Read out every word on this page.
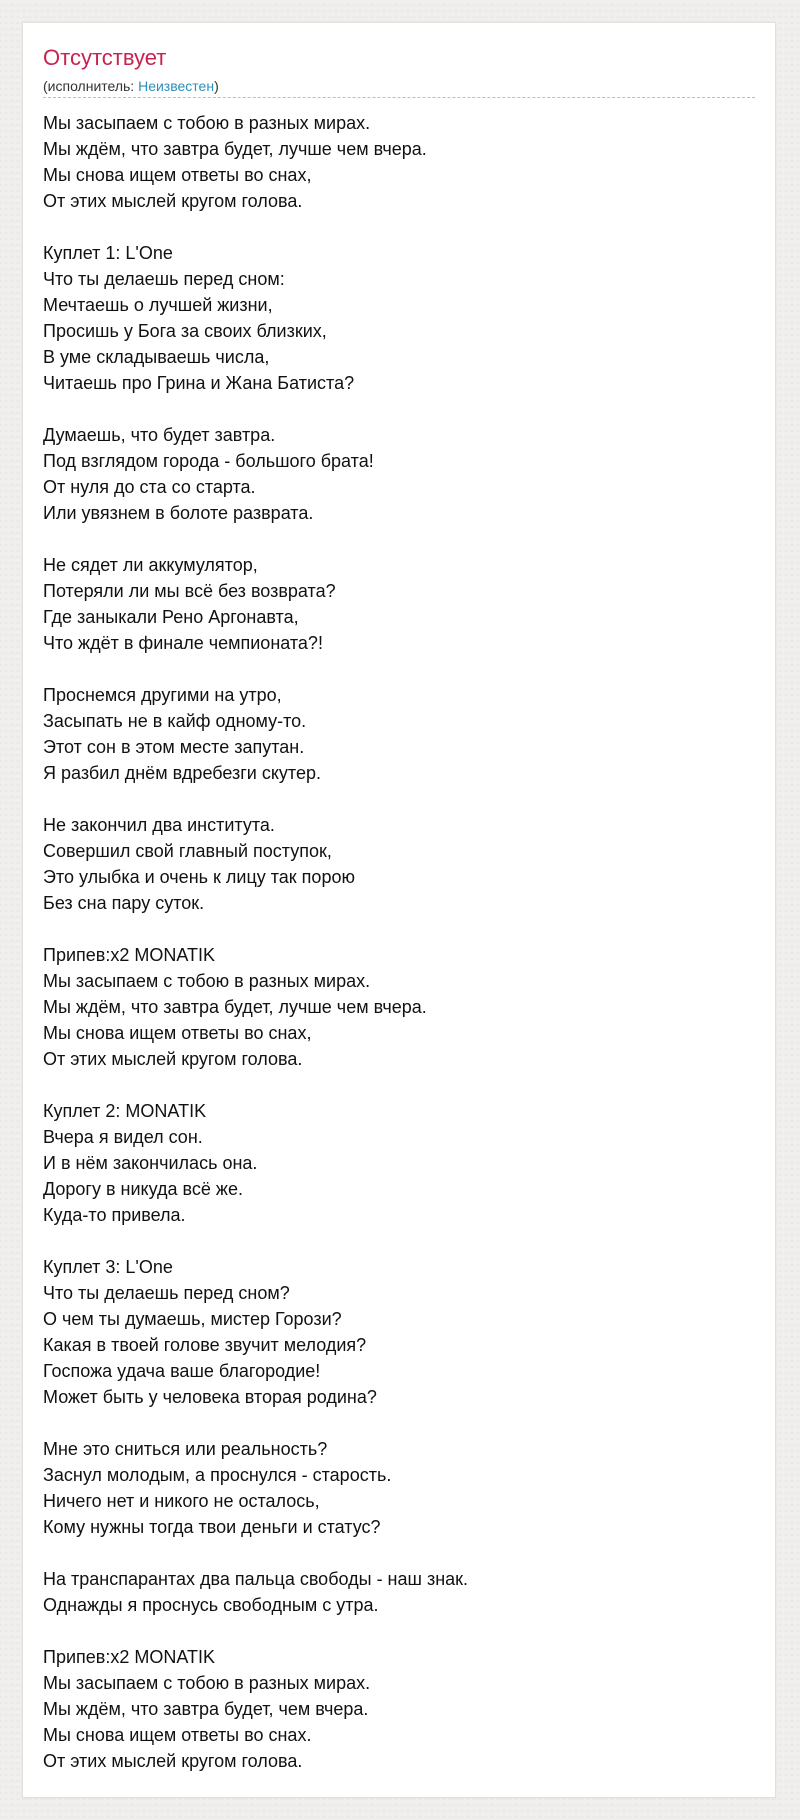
Отсутствует
(исполнитель: Неизвестен)
Мы засыпаем с тобою в разных мирах.
Мы ждём, что завтра будет, лучше чем вчера.
Мы снова ищем ответы во снах,
От этих мыслей кругом голова.
Куплет 1: L'One
Что ты делаешь перед сном:
Мечтаешь о лучшей жизни,
Просишь у Бога за своих близких,
В уме складываешь числа,
Читаешь про Грина и Жана Батиста?
Думаешь, что будет завтра.
Под взглядом города - большого брата!
От нуля до ста со старта.
Или увязнем в болоте разврата.
Не сядет ли аккумулятор,
Потеряли ли мы всё без возврата?
Где заныкали Рено Аргонавта,
Что ждёт в финале чемпионата?!
Проснемся другими на утро,
Засыпать не в кайф одному-то.
Этот сон в этом месте запутан.
Я разбил днём вдребезги скутер.
Не закончил два института.
Совершил свой главный поступок,
Это улыбка и очень к лицу так порою
Без сна пару суток.
Припев:x2 MONATIK
Мы засыпаем с тобою в разных мирах.
Мы ждём, что завтра будет, лучше чем вчера.
Мы снова ищем ответы во снах,
От этих мыслей кругом голова.
Куплет 2: MONATIK
Вчера я видел сон.
И в нём закончилась она.
Дорогу в никуда всё же.
Куда-то привела.
Куплет 3: L'One
Что ты делаешь перед сном?
О чем ты думаешь, мистер Горози?
Какая в твоей голове звучит мелодия?
Госпожа удача ваше благородие!
Может быть у человека вторая родина?
Мне это сниться или реальность?
Заснул молодым, а проснулся - старость.
Ничего нет и никого не осталось,
Кому нужны тогда твои деньги и статус?
На транспарантах два пальца свободы - наш знак.
Однажды я проснусь свободным с утра.
Припев:x2 MONATIK
Мы засыпаем с тобою в разных мирах.
Мы ждём, что завтра будет, чем вчера.
Мы снова ищем ответы во снах.
От этих мыслей кругом голова.
